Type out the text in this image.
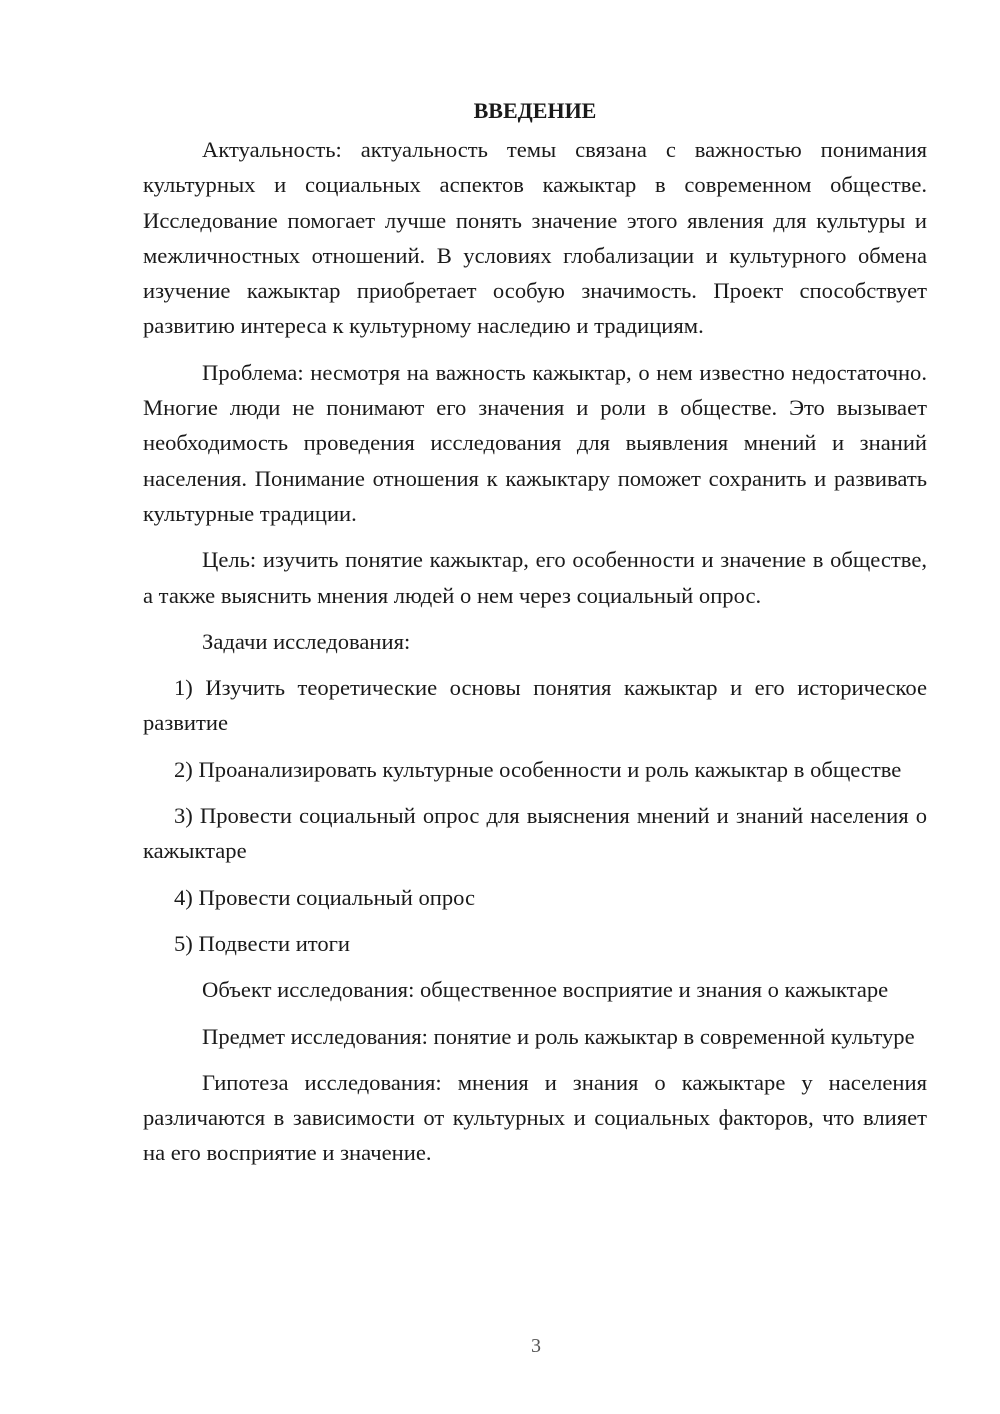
ВВЕДЕНИЕ

Актуальность: актуальность темы связана с важностью понимания культурных и социальных аспектов кажыктар в современном обществе. Исследование помогает лучше понять значение этого явления для культуры и межличностных отношений. В условиях глобализации и культурного обмена изучение кажыктар приобретает особую значимость. Проект способствует развитию интереса к культурному наследию и традициям.

Проблема: несмотря на важность кажыктар, о нем известно недостаточно. Многие люди не понимают его значения и роли в обществе. Это вызывает необходимость проведения исследования для выявления мнений и знаний населения. Понимание отношения к кажыктару поможет сохранить и развивать культурные традиции.

Цель: изучить понятие кажыктар, его особенности и значение в обществе, а также выяснить мнения людей о нем через социальный опрос.

Задачи исследования:

1) Изучить теоретические основы понятия кажыктар и его историческое развитие

2) Проанализировать культурные особенности и роль кажыктар в обществе

3) Провести социальный опрос для выяснения мнений и знаний населения о кажыктаре

4) Провести социальный опрос

5) Подвести итоги

Объект исследования: общественное восприятие и знания о кажыктаре

Предмет исследования: понятие и роль кажыктар в современной культуре

Гипотеза исследования: мнения и знания о кажыктаре у населения различаются в зависимости от культурных и социальных факторов, что влияет на его восприятие и значение.

3
